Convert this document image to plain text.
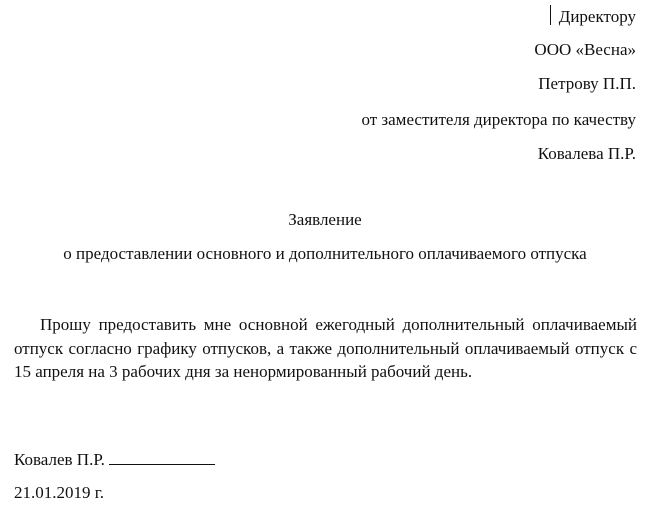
Директору
ООО «Весна»
Петрову П.П.
от заместителя директора по качеству
Ковалева П.Р.
Заявление
о предоставлении основного и дополнительного оплачиваемого отпуска
Прошу предоставить мне основной ежегодный дополнительный оплачиваемый отпуск согласно графику отпусков, а также дополнительный оплачиваемый отпуск с 15 апреля на 3 рабочих дня за ненормированный рабочий день.
Ковалев П.Р.
21.01.2019 г.
